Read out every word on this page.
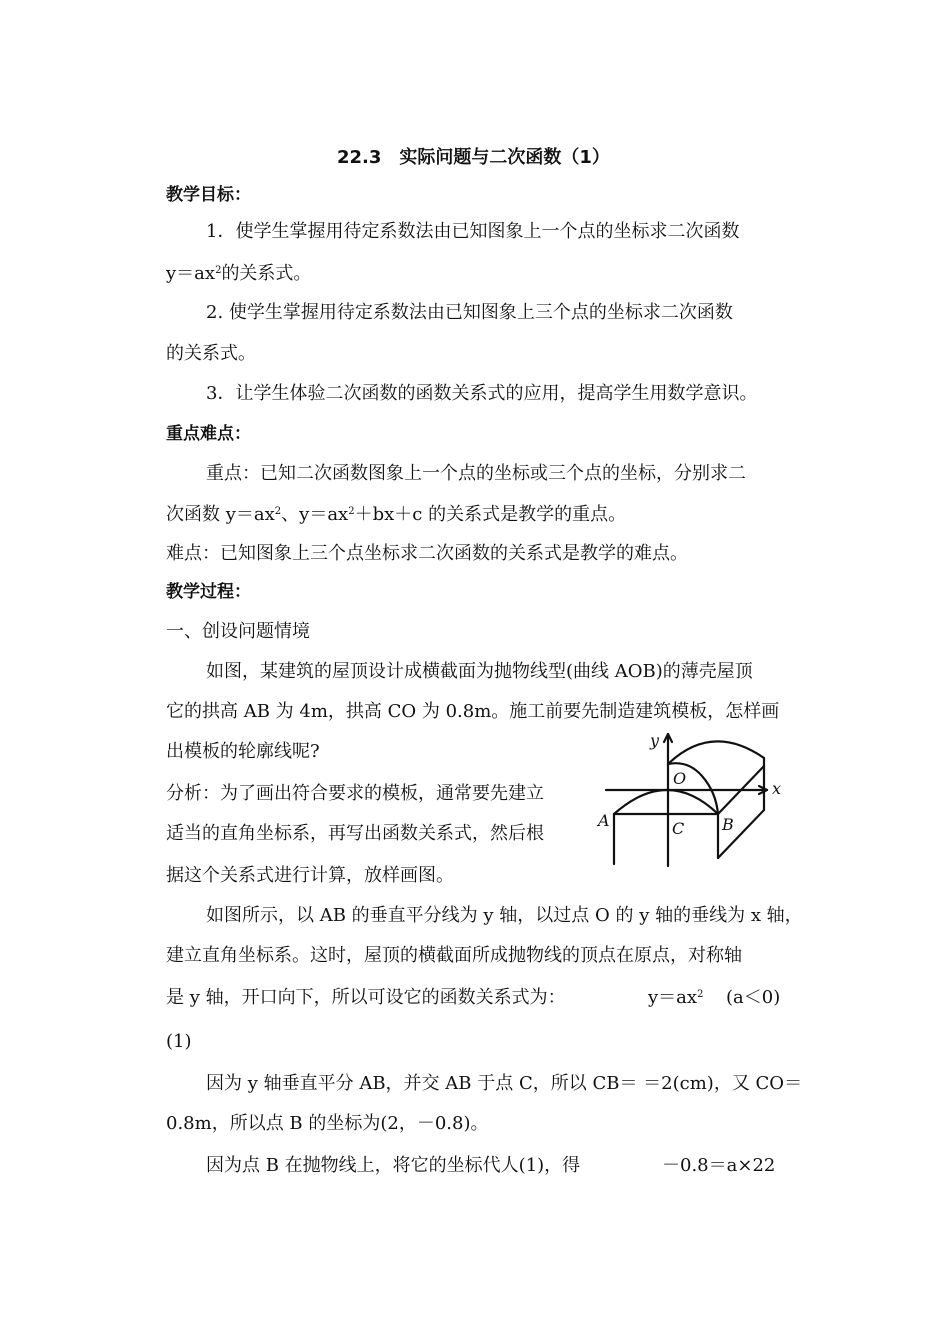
22.3　实际问题与二次函数（1）
教学目标：
1．使学生掌握用待定系数法由已知图象上一个点的坐标求二次函数
$y=ax^2$的关系式。
2. 使学生掌握用待定系数法由已知图象上三个点的坐标求二次函数
的关系式。
3．让学生体验二次函数的函数关系式的应用，提高学生用数学意识。
重点难点：
重点：已知二次函数图象上一个点的坐标或三个点的坐标，分别求二
次函数 $y=ax^2$、$y=ax^2+bx+c$ 的关系式是教学的重点。
难点：已知图象上三个点坐标求二次函数的关系式是教学的难点。
教学过程：
一、创设问题情境
如图，某建筑的屋顶设计成横截面为抛物线型(曲线 AOB)的薄壳屋顶
它的拱高 AB 为 4m，拱高 CO 为 0.8m。施工前要先制造建筑模板，怎样画
出模板的轮廓线呢?
分析：为了画出符合要求的模板，通常要先建立
适当的直角坐标系，再写出函数关系式，然后根
据这个关系式进行计算，放样画图。
y
x
O
A	B
C
如图所示，以 AB 的垂直平分线为 y 轴，以过点 O 的 y 轴的垂线为 x 轴，
建立直角坐标系。这时，屋顶的横截面所成抛物线的顶点在原点，对称轴
是 y 轴，开口向下，所以可设它的函数关系式为：	$y=ax^2$ (a＜0)
(1)
因为 y 轴垂直平分 AB，并交 AB 于点 C，所以 CB＝ ＝2(cm)，又 CO＝
0.8m，所以点 B 的坐标为(2，－0.8)。
因为点 B 在抛物线上，将它的坐标代人(1)，得	－0.8＝a×22
